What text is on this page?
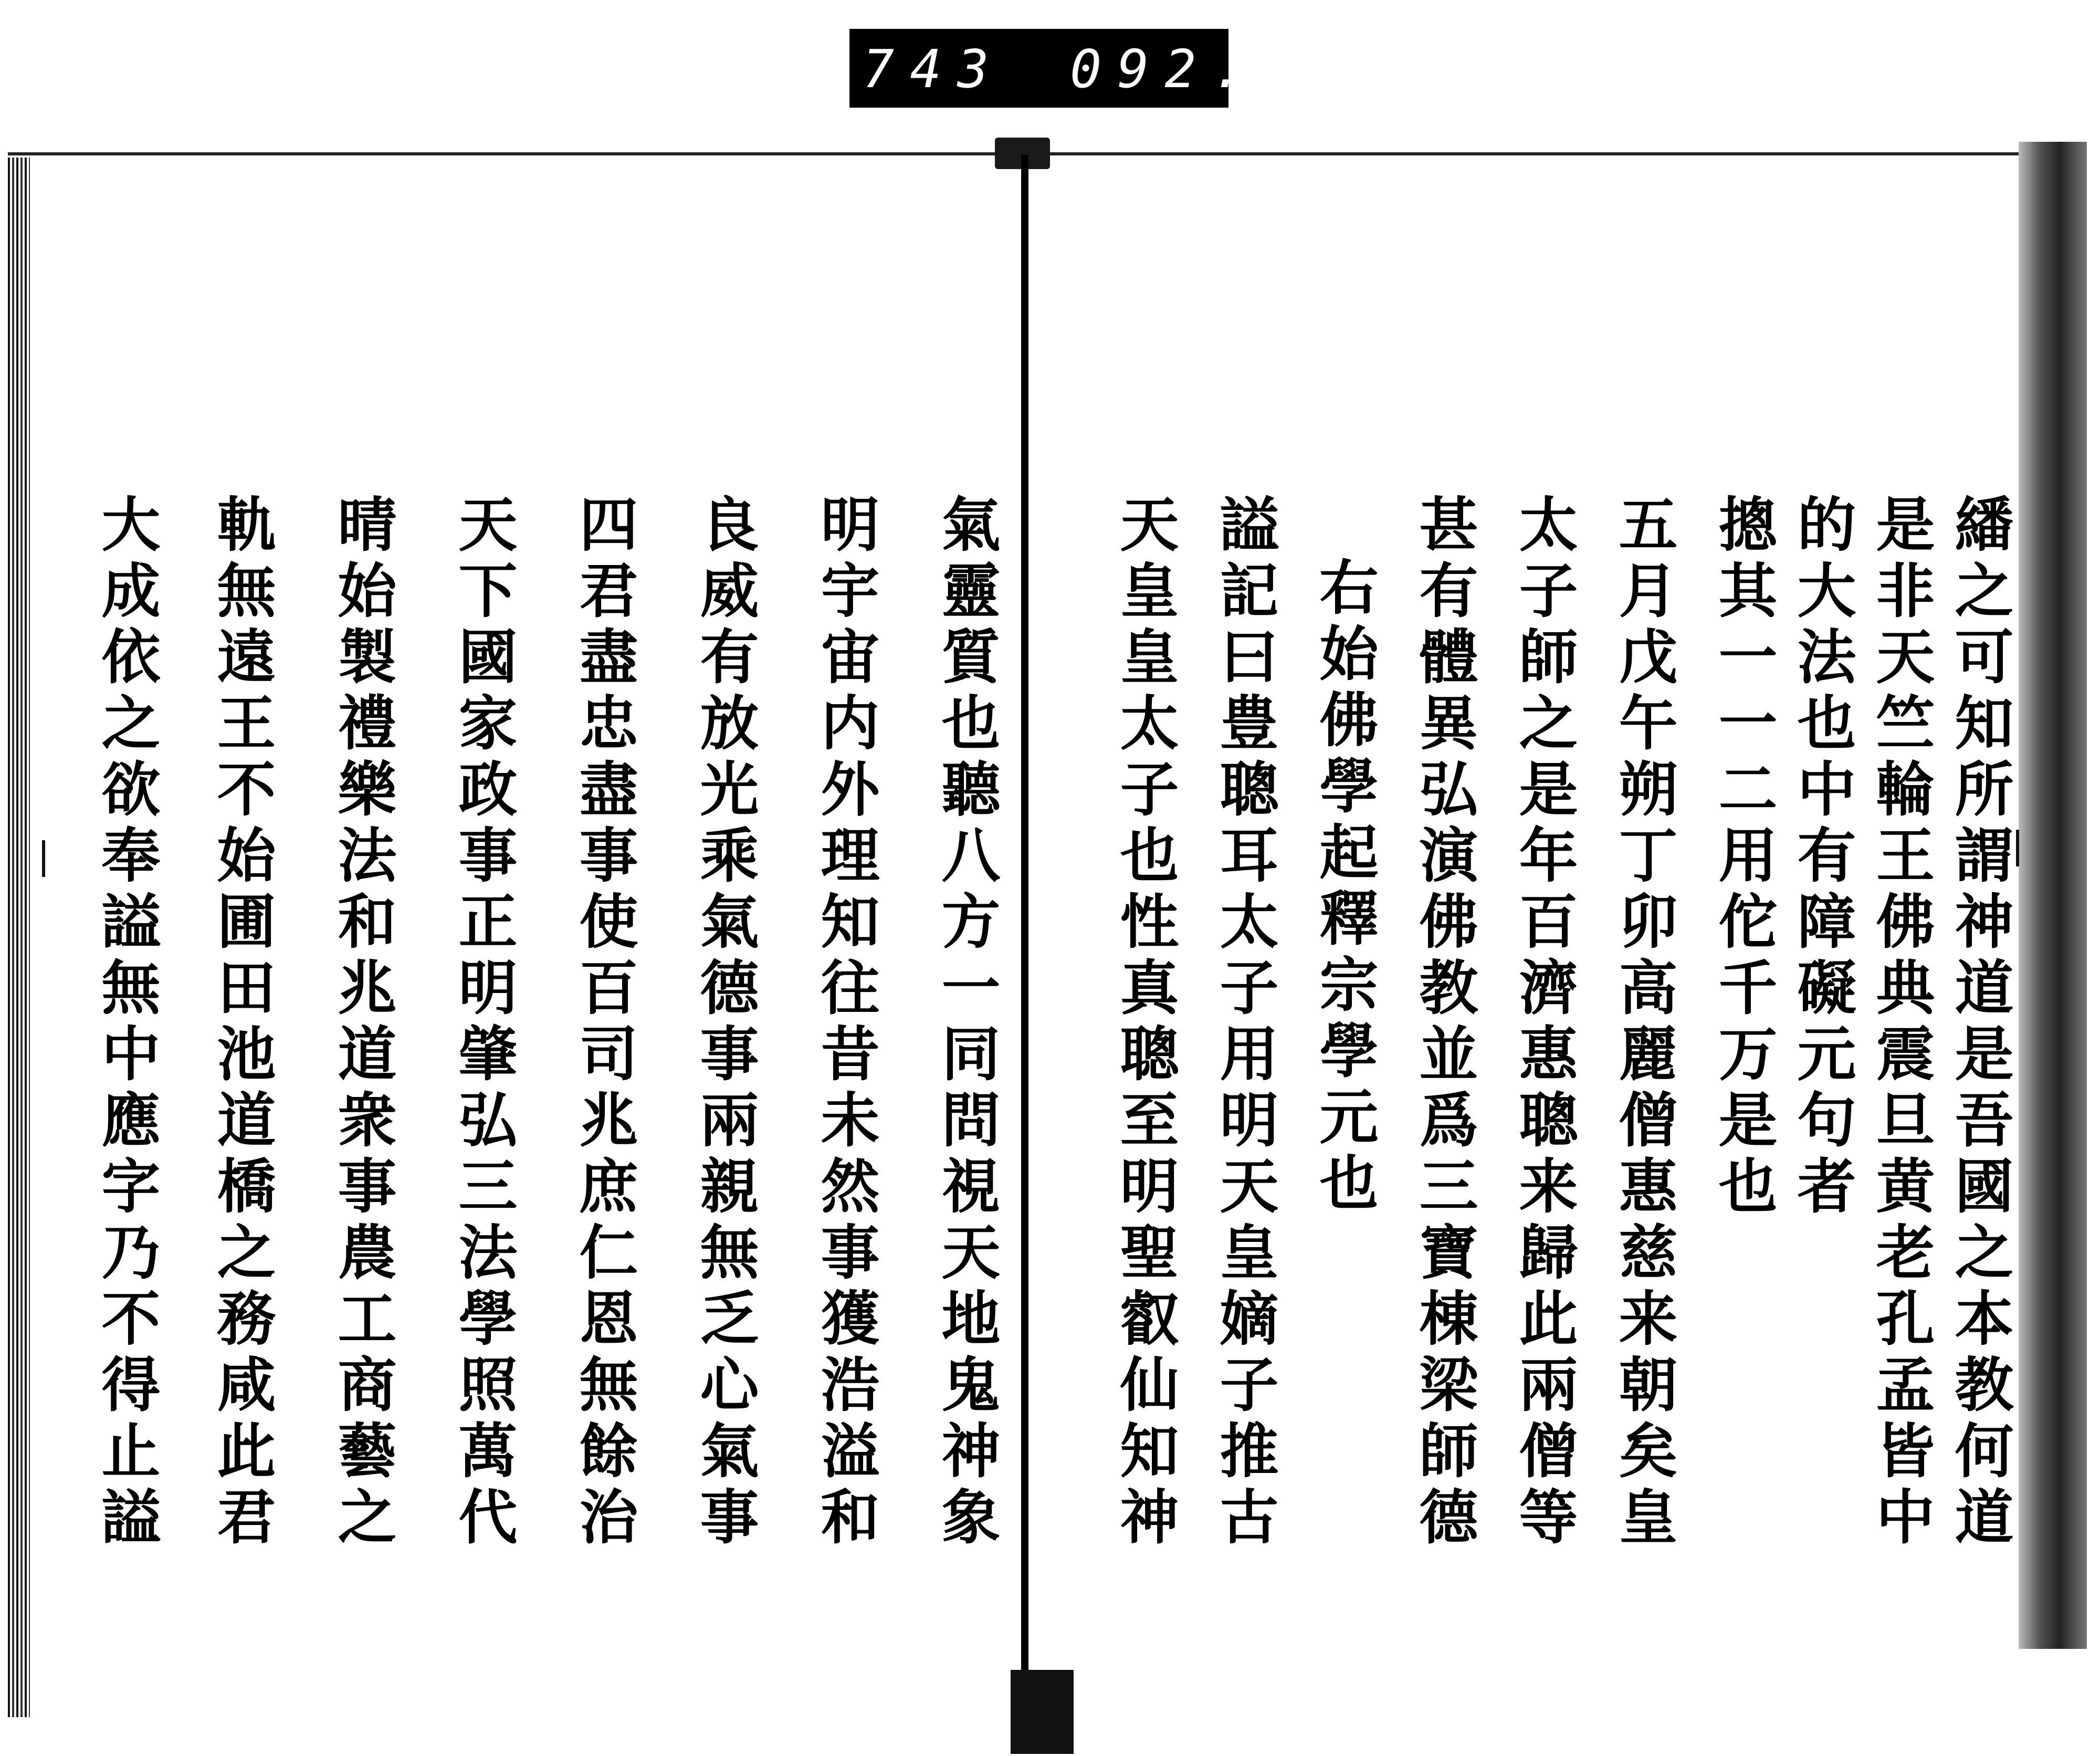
743 092.
氣靈質也聽八方一同問視天地鬼神象
明宇宙内外理知往昔未然事獲浩溢和
良威有放光乘氣德事兩親無乏心氣事
四君盡忠盡事使百司兆庶仁恩無餘治
天下國家政事正明肇弘三法學照萬代
晴始製禮樂法和兆道衆事農工商藝之
軌無遠王不始圃田池道橋之務咸此君
大成依之欲奉謚無中應字乃不得止謚	繙之可知所謂神道是吾國之本教何道
是非天竺輪王佛典震旦黄老孔孟皆中
的大法也中有障礙元句者
摠其一一二用佗千万是也
五月戊午朔丁卯高麗僧惠慈来朝矣皇
太子師之是年百濟惠聰来歸此兩僧等
甚有體異弘演佛教並爲三寶棟梁師德
右始佛學起釋宗學元也
謚記曰豊聰耳太子用明天皇嫡子推古
天皇皇太子也性真聰至明聖叡仙知神
